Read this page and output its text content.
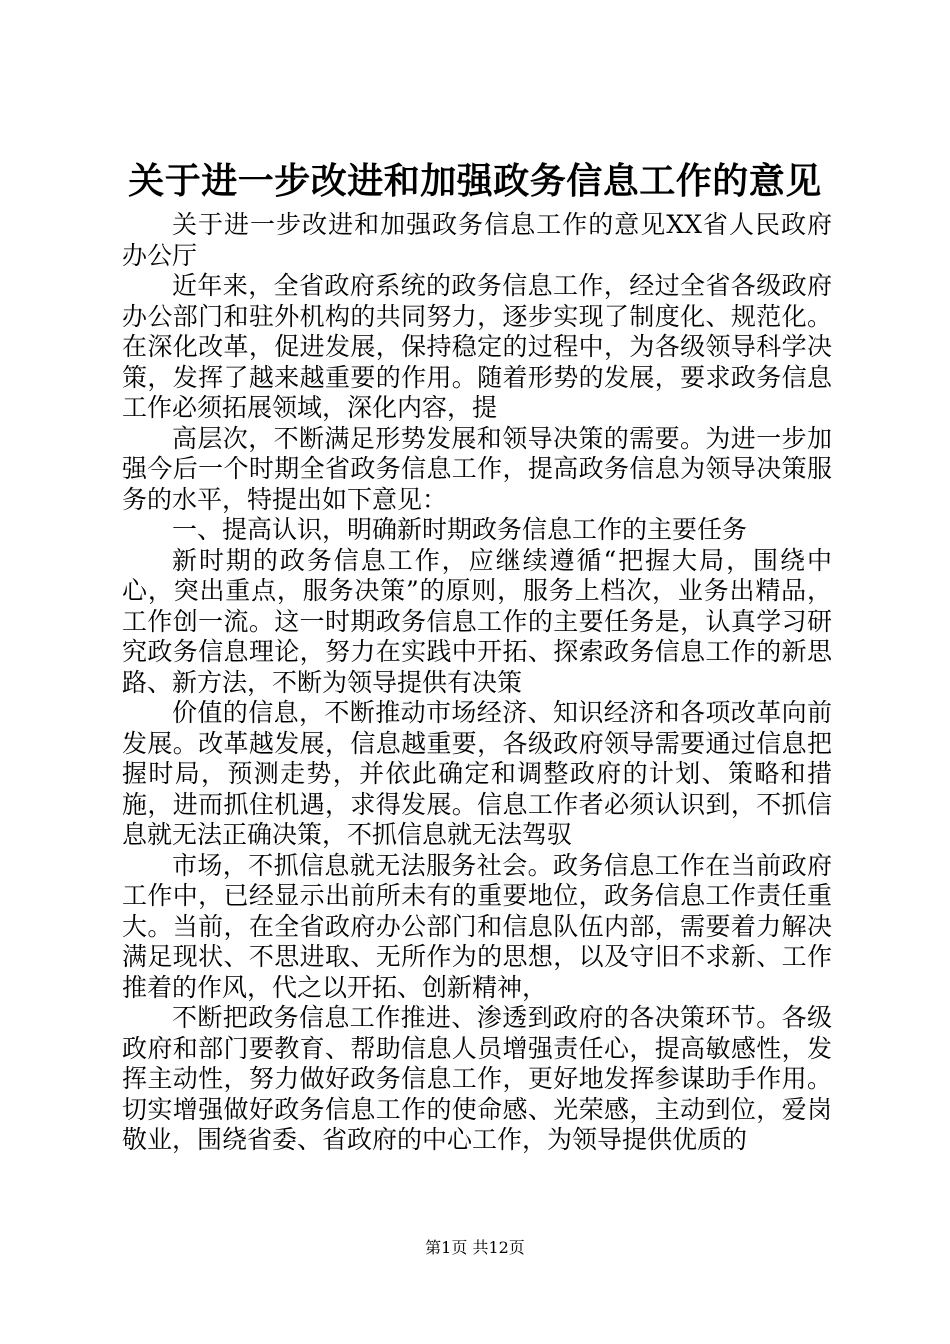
关于进一步改进和加强政务信息工作的意见

关于进一步改进和加强政务信息工作的意见XX省人民政府办公厅

近年来，全省政府系统的政务信息工作，经过全省各级政府办公部门和驻外机构的共同努力，逐步实现了制度化、规范化。在深化改革，促进发展，保持稳定的过程中，为各级领导科学决策，发挥了越来越重要的作用。随着形势的发展，要求政务信息工作必须拓展领域，深化内容，提

高层次，不断满足形势发展和领导决策的需要。为进一步加强今后一个时期全省政务信息工作，提高政务信息为领导决策服务的水平，特提出如下意见：

一、提高认识，明确新时期政务信息工作的主要任务

新时期的政务信息工作，应继续遵循“把握大局，围绕中心，突出重点，服务决策”的原则，服务上档次，业务出精品，工作创一流。这一时期政务信息工作的主要任务是，认真学习研究政务信息理论，努力在实践中开拓、探索政务信息工作的新思路、新方法，不断为领导提供有决策

价值的信息，不断推动市场经济、知识经济和各项改革向前发展。改革越发展，信息越重要，各级政府领导需要通过信息把握时局，预测走势，并依此确定和调整政府的计划、策略和措施，进而抓住机遇，求得发展。信息工作者必须认识到，不抓信息就无法正确决策，不抓信息就无法驾驭

市场，不抓信息就无法服务社会。政务信息工作在当前政府工作中，已经显示出前所未有的重要地位，政务信息工作责任重大。当前，在全省政府办公部门和信息队伍内部，需要着力解决满足现状、不思进取、无所作为的思想，以及守旧不求新、工作推着的作风，代之以开拓、创新精神，

不断把政务信息工作推进、渗透到政府的各决策环节。各级政府和部门要教育、帮助信息人员增强责任心，提高敏感性，发挥主动性，努力做好政务信息工作，更好地发挥参谋助手作用。切实增强做好政务信息工作的使命感、光荣感，主动到位，爱岗敬业，围绕省委、省政府的中心工作，为领导提供优质的

第1页 共12页
